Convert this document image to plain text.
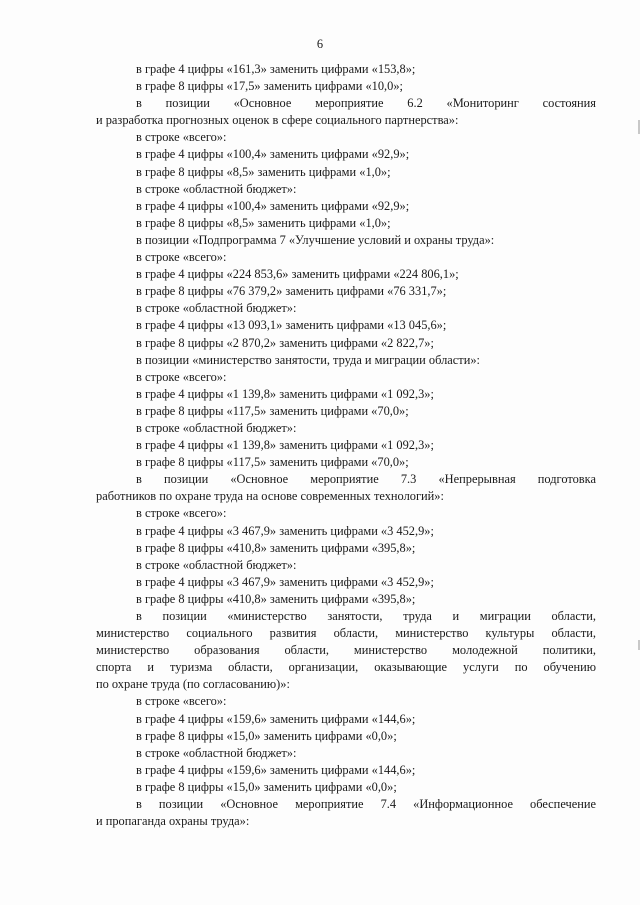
6
в графе 4 цифры «161,3» заменить цифрами «153,8»;
в графе 8 цифры «17,5» заменить цифрами «10,0»;
в позиции «Основное мероприятие 6.2 «Мониторинг состояния
и разработка прогнозных оценок в сфере социального партнерства»:
в строке «всего»:
в графе 4 цифры «100,4» заменить цифрами «92,9»;
в графе 8 цифры «8,5» заменить цифрами «1,0»;
в строке «областной бюджет»:
в графе 4 цифры «100,4» заменить цифрами «92,9»;
в графе 8 цифры «8,5» заменить цифрами «1,0»;
в позиции «Подпрограмма 7 «Улучшение условий и охраны труда»:
в строке «всего»:
в графе 4 цифры «224 853,6» заменить цифрами «224 806,1»;
в графе 8 цифры «76 379,2» заменить цифрами «76 331,7»;
в строке «областной бюджет»:
в графе 4 цифры «13 093,1» заменить цифрами «13 045,6»;
в графе 8 цифры «2 870,2» заменить цифрами «2 822,7»;
в позиции «министерство занятости, труда и миграции области»:
в строке «всего»:
в графе 4 цифры «1 139,8» заменить цифрами «1 092,3»;
в графе 8 цифры «117,5» заменить цифрами «70,0»;
в строке «областной бюджет»:
в графе 4 цифры «1 139,8» заменить цифрами «1 092,3»;
в графе 8 цифры «117,5» заменить цифрами «70,0»;
в позиции «Основное мероприятие 7.3 «Непрерывная подготовка
работников по охране труда на основе современных технологий»:
в строке «всего»:
в графе 4 цифры «3 467,9» заменить цифрами «3 452,9»;
в графе 8 цифры «410,8» заменить цифрами «395,8»;
в строке «областной бюджет»:
в графе 4 цифры «3 467,9» заменить цифрами «3 452,9»;
в графе 8 цифры «410,8» заменить цифрами «395,8»;
в позиции «министерство занятости, труда и миграции области,
министерство социального развития области, министерство культуры области,
министерство образования области, министерство молодежной политики,
спорта и туризма области, организации, оказывающие услуги по обучению
по охране труда (по согласованию)»:
в строке «всего»:
в графе 4 цифры «159,6» заменить цифрами «144,6»;
в графе 8 цифры «15,0» заменить цифрами «0,0»;
в строке «областной бюджет»:
в графе 4 цифры «159,6» заменить цифрами «144,6»;
в графе 8 цифры «15,0» заменить цифрами «0,0»;
в позиции «Основное мероприятие 7.4 «Информационное обеспечение
и пропаганда охраны труда»:
